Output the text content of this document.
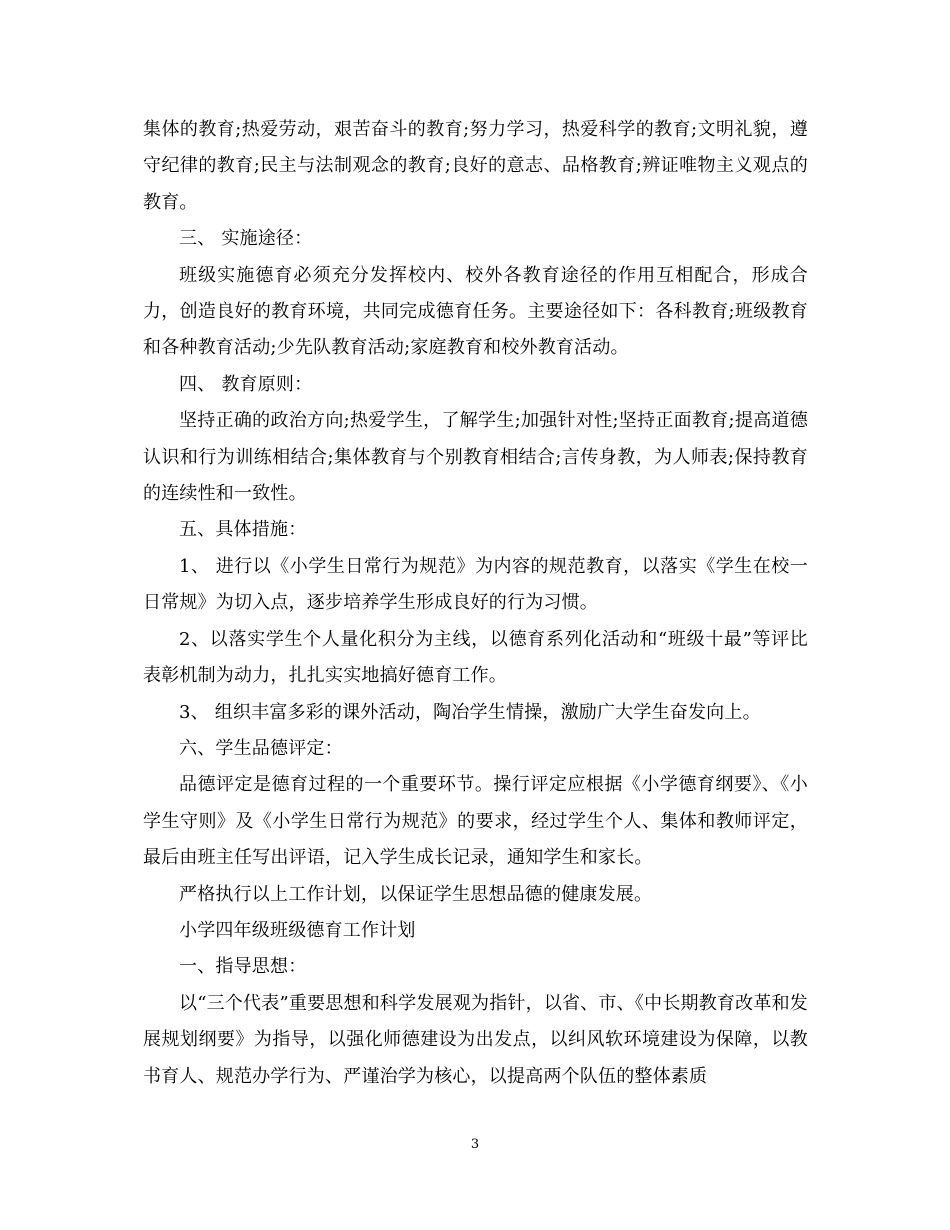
集体的教育;热爱劳动，艰苦奋斗的教育;努力学习，热爱科学的教育;文明礼貌，遵守纪律的教育;民主与法制观念的教育;良好的意志、品格教育;辨证唯物主义观点的教育。

三、 实施途径：

班级实施德育必须充分发挥校内、校外各教育途径的作用互相配合，形成合力，创造良好的教育环境，共同完成德育任务。主要途径如下：各科教育;班级教育和各种教育活动;少先队教育活动;家庭教育和校外教育活动。

四、 教育原则：

坚持正确的政治方向;热爱学生，了解学生;加强针对性;坚持正面教育;提高道德认识和行为训练相结合;集体教育与个别教育相结合;言传身教，为人师表;保持教育的连续性和一致性。

五、具体措施：

1、 进行以《小学生日常行为规范》为内容的规范教育，以落实《学生在校一日常规》为切入点，逐步培养学生形成良好的行为习惯。

2、以落实学生个人量化积分为主线，以德育系列化活动和“班级十最”等评比表彰机制为动力，扎扎实实地搞好德育工作。

3、 组织丰富多彩的课外活动，陶冶学生情操，激励广大学生奋发向上。

六、学生品德评定：

品德评定是德育过程的一个重要环节。操行评定应根据《小学德育纲要》、《小学生守则》及《小学生日常行为规范》的要求，经过学生个人、集体和教师评定，最后由班主任写出评语，记入学生成长记录，通知学生和家长。

严格执行以上工作计划，以保证学生思想品德的健康发展。

小学四年级班级德育工作计划

一、指导思想：

以“三个代表”重要思想和科学发展观为指针，以省、市、《中长期教育改革和发展规划纲要》为指导，以强化师德建设为出发点，以纠风软环境建设为保障，以教书育人、规范办学行为、严谨治学为核心，以提高两个队伍的整体素质

3
